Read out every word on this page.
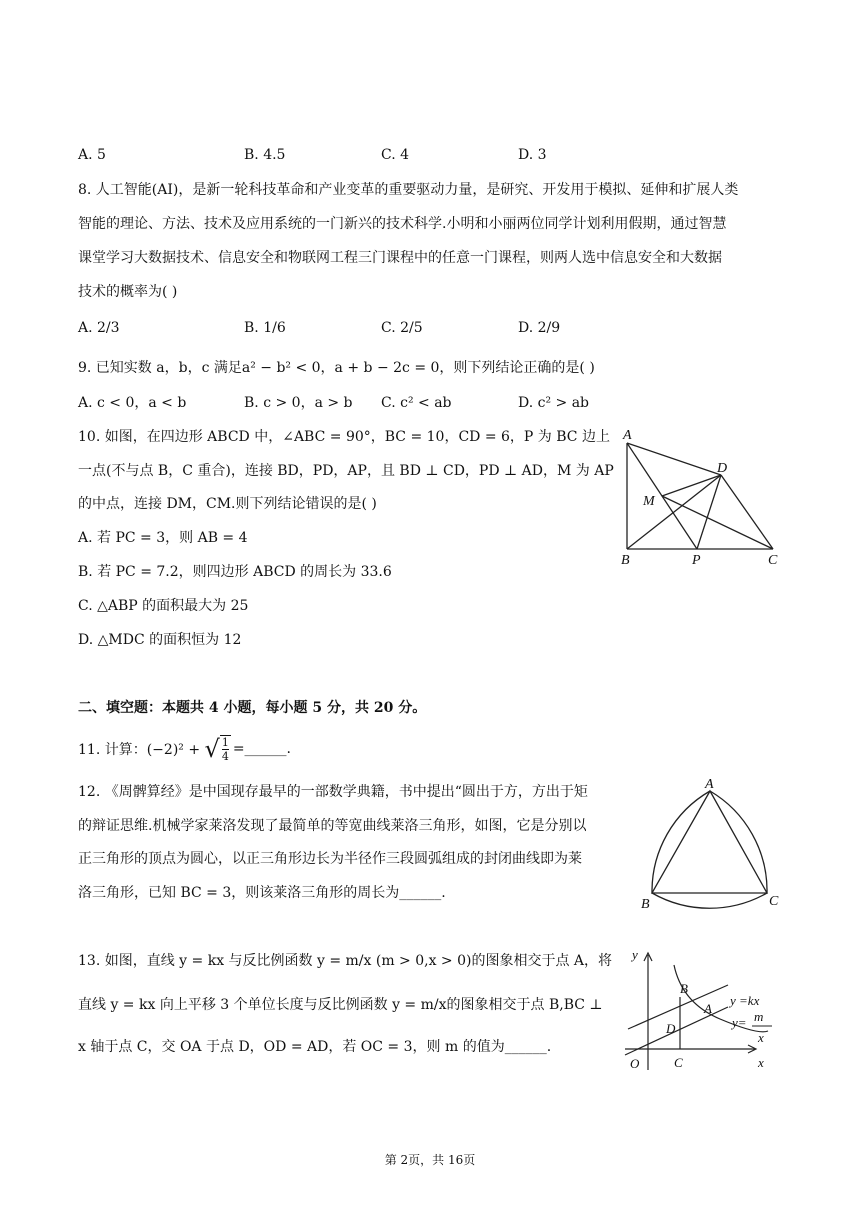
A. 5	B. 4.5	C. 4	D. 3
8. 人工智能(AI)，是新一轮科技革命和产业变革的重要驱动力量，是研究、开发用于模拟、延伸和扩展人类
智能的理论、方法、技术及应用系统的一门新兴的技术科学.小明和小丽两位同学计划利用假期，通过智慧
课堂学习大数据技术、信息安全和物联网工程三门课程中的任意一门课程，则两人选中信息安全和大数据
技术的概率为( )
A. 2/3	B. 1/6	C. 2/5	D. 2/9
9. 已知实数 a，b，c 满足a² − b² < 0，a + b − 2c = 0，则下列结论正确的是( )
A. c < 0，a < b	B. c > 0，a > b C. c² < ab	D. c² > ab
10. 如图，在四边形 ABCD 中，∠ABC = 90°，BC = 10，CD = 6，P 为 BC 边上
一点(不与点 B，C 重合)，连接 BD，PD，AP，且 BD ⊥ CD，PD ⊥ AD，M 为 AP
的中点，连接 DM，CM.则下列结论错误的是( )
A. 若 PC = 3，则 AB = 4
B. 若 PC = 7.2，则四边形 ABCD 的周长为 33.6
C. △ABP 的面积最大为 25
D. △MDC 的面积恒为 12
A
D
M
B	P	C
二、填空题：本题共 4 小题，每小题 5 分，共 20 分。
11. 计算：(−2)² + √ $\frac{1}{4}$ =______.
12. 《周髀算经》是中国现存最早的一部数学典籍，书中提出“圆出于方，方出于矩
的辩证思维.机械学家莱洛发现了最简单的等宽曲线莱洛三角形，如图，它是分别以
正三角形的顶点为圆心，以正三角形边长为半径作三段圆弧组成的封闭曲线即为莱
洛三角形，已知 BC = 3，则该莱洛三角形的周长为______.
A
B	C
13. 如图，直线 y = kx 与反比例函数 y = m/x (m > 0,x > 0)的图象相交于点 A，将
直线 y = kx 向上平移 3 个单位长度与反比例函数 y = m/x的图象相交于点 B,BC ⊥
x 轴于点 C，交 OA 于点 D，OD = AD，若 OC = 3，则 m 的值为______.
y
x
O
B
A
D
C
y =kx
y= m
x
第 2页，共 16页
